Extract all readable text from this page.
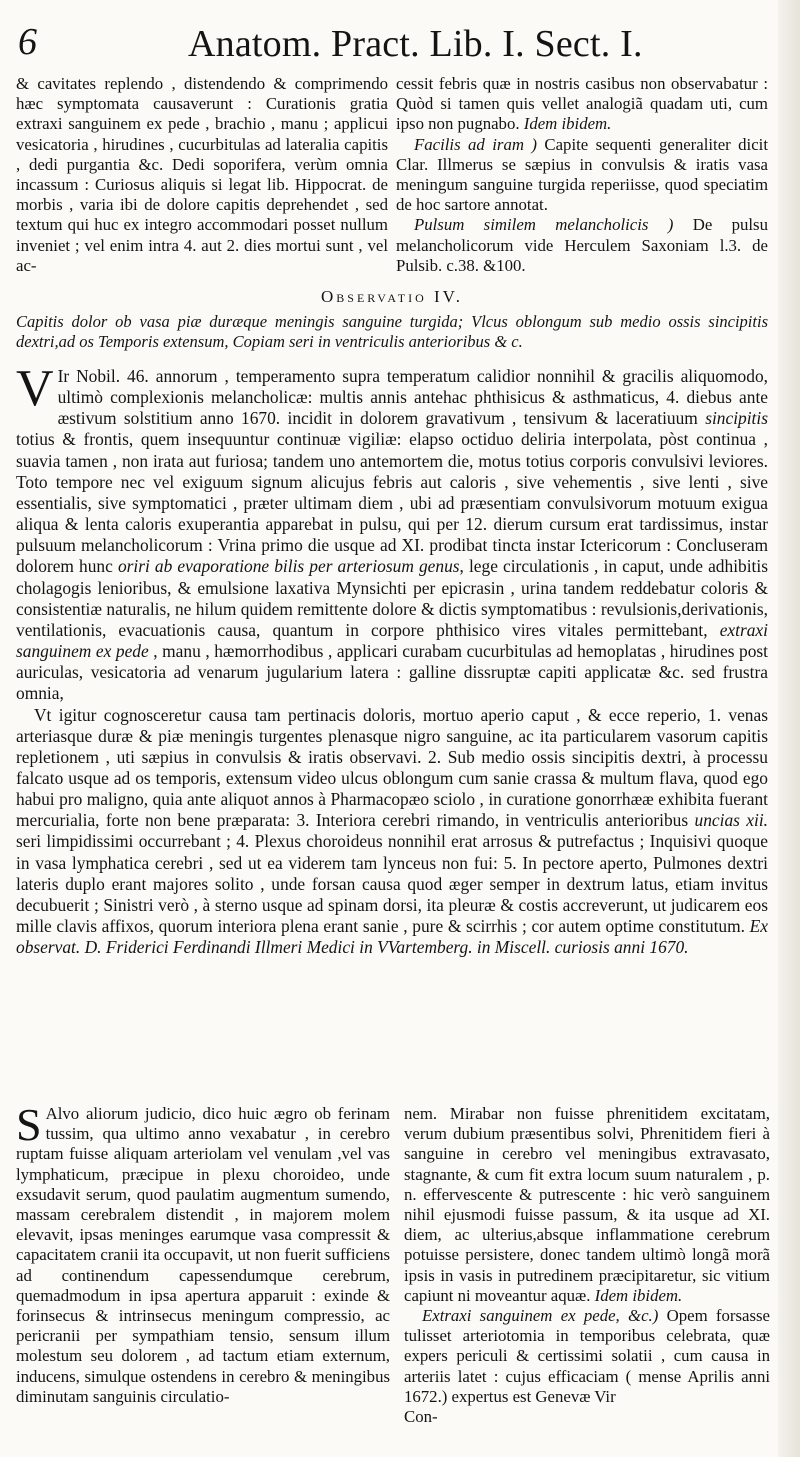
6	Anatom. Pract. Lib. I. Sect. I.

& cavitates replendo , distendendo & comprimendo hæc symptomata causaverunt : Curationis gratia extraxi sanguinem ex pede , brachio , manu ; applicui vesicatoria , hirudines , cucurbitulas ad lateralia capitis , dedi purgantia &c. Dedi soporifera, verùm omnia incassum : Curiosus aliquis si legat lib. Hippocrat. de morbis , varia ibi de dolore capitis deprehendet , sed textum qui huc ex integro accommodari posset nullum inveniet ; vel enim intra 4. aut 2. dies mortui sunt , vel ac-

cessit febris quæ in nostris casibus non observabatur : Quòd si tamen quis vellet analogiã quadam uti, cum ipso non pugnabo. Idem ibidem.

Facilis ad iram ) Capite sequenti generaliter dicit Clar. Illmerus se sæpius in convulsis & iratis vasa meningum sanguine turgida reperiisse, quod speciatim de hoc sartore annotat.

Pulsum similem melancholicis ) De pulsu melancholicorum vide Herculem Saxoniam l.3. de Pulsib. c.38. &100.

Observatio IV.
Capitis dolor ob vasa piæ duræque meningis sanguine turgida; Vlcus oblongum sub medio ossis sincipitis dextri,ad os Temporis extensum, Copiam seri in ventriculis anterioribus & c.

V Ir Nobil. 46. annorum , temperamento supra temperatum calidior nonnihil & gracilis aliquomodo, ultimò complexionis melancholicæ: multis annis antehac phthisicus & asthmaticus, 4. diebus ante æstivum solstitium anno 1670. incidit in dolorem gravativum , tensivum & laceratiuum sincipitis totius & frontis, quem insequuntur continuæ vigiliæ: elapso octiduo deliria interpolata, pòst continua , suavia tamen , non irata aut furiosa; tandem uno antemortem die, motus totius corporis convulsivi leviores. Toto tempore nec vel exiguum signum alicujus febris aut caloris , sive vehementis , sive lenti , sive essentialis, sive symptomatici , præter ultimam diem , ubi ad præsentiam convulsivorum motuum exigua aliqua & lenta caloris exuperantia apparebat in pulsu, qui per 12. dierum cursum erat tardissimus, instar pulsuum melancholicorum : Vrina primo die usque ad XI. prodibat tincta instar Ictericorum : Concluseram dolorem hunc oriri ab evaporatione bilis per arteriosum genus, lege circulationis , in caput, unde adhibitis cholagogis lenioribus, & emulsione laxativa Mynsichti per epicrasin , urina tandem reddebatur coloris & consistentiæ naturalis, ne hilum quidem remittente dolore & dictis symptomatibus : revulsionis,derivationis, ventilationis, evacuationis causa, quantum in corpore phthisico vires vitales permittebant, extraxi sanguinem ex pede , manu , hæmorrhodibus , applicari curabam cucurbitulas ad hemoplatas , hirudines post auriculas, vesicatoria ad venarum jugularium latera : galline dissruptæ capiti applicatæ &c. sed frustra omnia,

Vt igitur cognosceretur causa tam pertinacis doloris, mortuo aperio caput , & ecce reperio, 1. venas arteriasque duræ & piæ meningis turgentes plenasque nigro sanguine, ac ita particularem vasorum capitis repletionem , uti sæpius in convulsis & iratis observavi. 2. Sub medio ossis sincipitis dextri, à processu falcato usque ad os temporis, extensum video ulcus oblongum cum sanie crassa & multum flava, quod ego habui pro maligno, quia ante aliquot annos à Pharmacopæo sciolo , in curatione gonorrhææ exhibita fuerant mercurialia, forte non bene præparata: 3. Interiora cerebri rimando, in ventriculis anterioribus uncias xii. seri limpidissimi occurrebant ; 4. Plexus choroideus nonnihil erat arrosus & putrefactus ; Inquisivi quoque in vasa lymphatica cerebri , sed ut ea viderem tam lynceus non fui: 5. In pectore aperto, Pulmones dextri lateris duplo erant majores solito , unde forsan causa quod æger semper in dextrum latus, etiam invitus decubuerit ; Sinistri verò , à sterno usque ad spinam dorsi, ita pleuræ & costis accreverunt, ut judicarem eos mille clavis affixos, quorum interiora plena erant sanie , pure & scirrhis ; cor autem optime constitutum. Ex observat. D. Friderici Ferdinandi Illmeri Medici in VVartemberg. in Miscell. curiosis anni 1670.

S Alvo aliorum judicio, dico huic ægro ob ferinam tussim, qua ultimo anno vexabatur , in cerebro ruptam fuisse aliquam arteriolam vel venulam ,vel vas lymphaticum, præcipue in plexu choroideo, unde exsudavit serum, quod paulatim augmentum sumendo, massam cerebralem distendit , in majorem molem elevavit, ipsas meninges earumque vasa compressit & capacitatem cranii ita occupavit, ut non fuerit sufficiens ad continendum capessendumque cerebrum, quemadmodum in ipsa apertura apparuit : exinde & forinsecus & intrinsecus meningum compressio, ac pericranii per sympathiam tensio, sensum illum molestum seu dolorem , ad tactum etiam externum, inducens, simulque ostendens in cerebro & meningibus diminutam sanguinis circulatio-

nem. Mirabar non fuisse phrenitidem excitatam, verum dubium præsentibus solvi, Phrenitidem fieri à sanguine in cerebro vel meningibus extravasato, stagnante, & cum fit extra locum suum naturalem , p. n. effervescente & putrescente : hic verò sanguinem nihil ejusmodi fuisse passum, & ita usque ad XI. diem, ac ulterius,absque inflammatione cerebrum potuisse persistere, donec tandem ultimò longã morã ipsis in vasis in putredinem præcipitaretur, sic vitium capiunt ni moveantur aquæ. Idem ibidem.

Extraxi sanguinem ex pede, &c.) Opem forsasse tulisset arteriotomia in temporibus celebrata, quæ expers periculi & certissimi solatii , cum causa in arteriis latet : cujus efficaciam ( mense Aprilis anni 1672.) expertus est Genevæ Vir

Con-
